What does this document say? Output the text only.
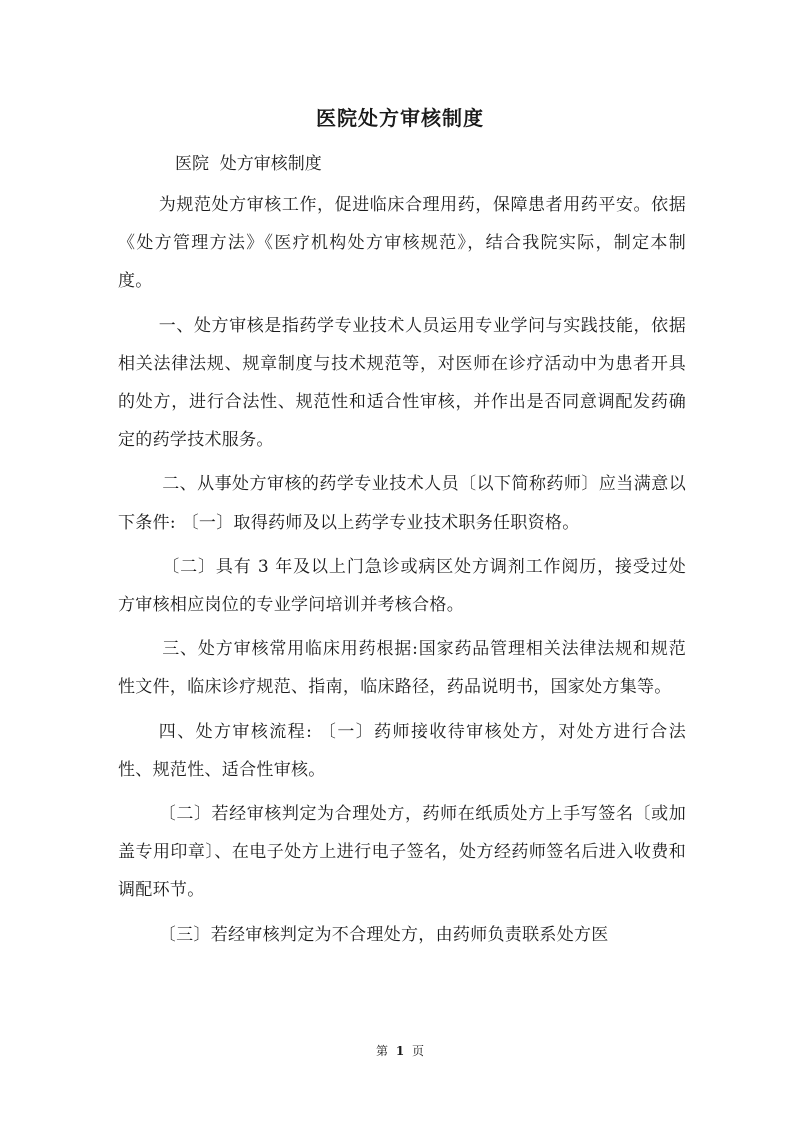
医院处方审核制度

医院  处方审核制度

为规范处方审核工作，促进临床合理用药，保障患者用药平安。依据《处方管理方法》《医疗机构处方审核规范》，结合我院实际，制定本制度。

一、处方审核是指药学专业技术人员运用专业学问与实践技能，依据相关法律法规、规章制度与技术规范等，对医师在诊疗活动中为患者开具的处方，进行合法性、规范性和适合性审核，并作出是否同意调配发药确定的药学技术服务。

二、从事处方审核的药学专业技术人员〔以下简称药师〕应当满意以下条件: 〔一〕取得药师及以上药学专业技术职务任职资格。

〔二〕具有 3 年及以上门急诊或病区处方调剂工作阅历，接受过处方审核相应岗位的专业学问培训并考核合格。

三、处方审核常用临床用药根据:国家药品管理相关法律法规和规范性文件，临床诊疗规范、指南，临床路径，药品说明书，国家处方集等。

四、处方审核流程: 〔一〕药师接收待审核处方，对处方进行合法性、规范性、适合性审核。

〔二〕若经审核判定为合理处方，药师在纸质处方上手写签名〔或加盖专用印章〕、在电子处方上进行电子签名，处方经药师签名后进入收费和调配环节。

〔三〕若经审核判定为不合理处方，由药师负责联系处方医

第 1 页
